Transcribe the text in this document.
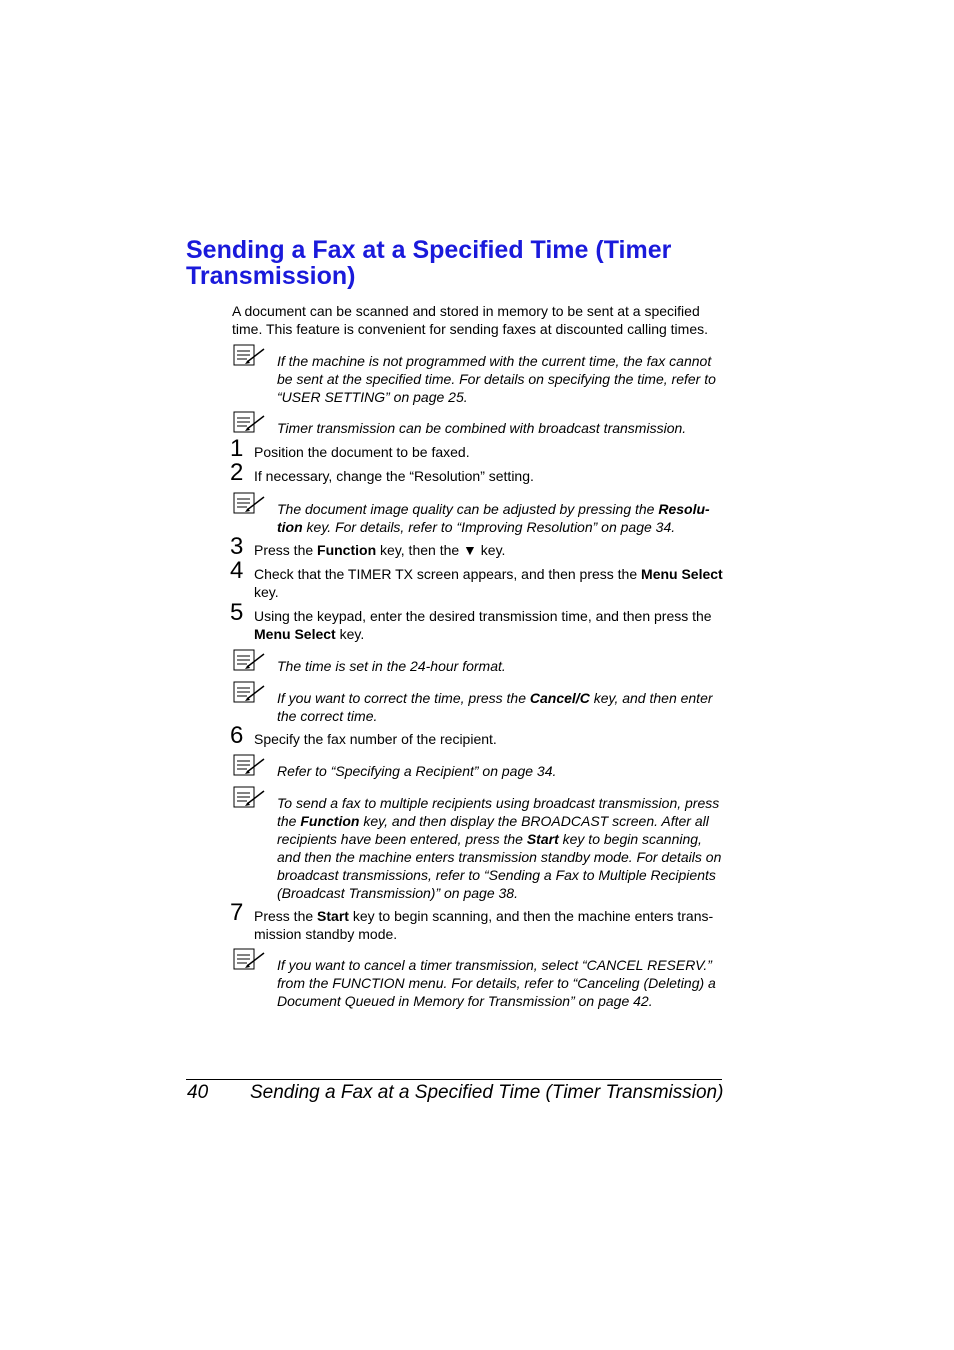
Sending a Fax at a Specified Time (Timer Transmission)
A document can be scanned and stored in memory to be sent at a specified time. This feature is convenient for sending faxes at discounted calling times.
If the machine is not programmed with the current time, the fax cannot be sent at the specified time. For details on specifying the time, refer to “USER SETTING” on page 25.
Timer transmission can be combined with broadcast transmission.
1 Position the document to be faxed.
2 If necessary, change the “Resolution” setting.
The document image quality can be adjusted by pressing the Resolu-tion key. For details, refer to “Improving Resolution” on page 34.
3 Press the Function key, then the ▼ key.
4 Check that the TIMER TX screen appears, and then press the Menu Select key.
5 Using the keypad, enter the desired transmission time, and then press the Menu Select key.
The time is set in the 24-hour format.
If you want to correct the time, press the Cancel/C key, and then enter the correct time.
6 Specify the fax number of the recipient.
Refer to “Specifying a Recipient” on page 34.
To send a fax to multiple recipients using broadcast transmission, press the Function key, and then display the BROADCAST screen. After all recipients have been entered, press the Start key to begin scanning, and then the machine enters transmission standby mode. For details on broadcast transmissions, refer to “Sending a Fax to Multiple Recipients (Broadcast Transmission)” on page 38.
7 Press the Start key to begin scanning, and then the machine enters trans-mission standby mode.
If you want to cancel a timer transmission, select “CANCEL RESERV.” from the FUNCTION menu. For details, refer to “Canceling (Deleting) a Document Queued in Memory for Transmission” on page 42.
40 Sending a Fax at a Specified Time (Timer Transmission)
